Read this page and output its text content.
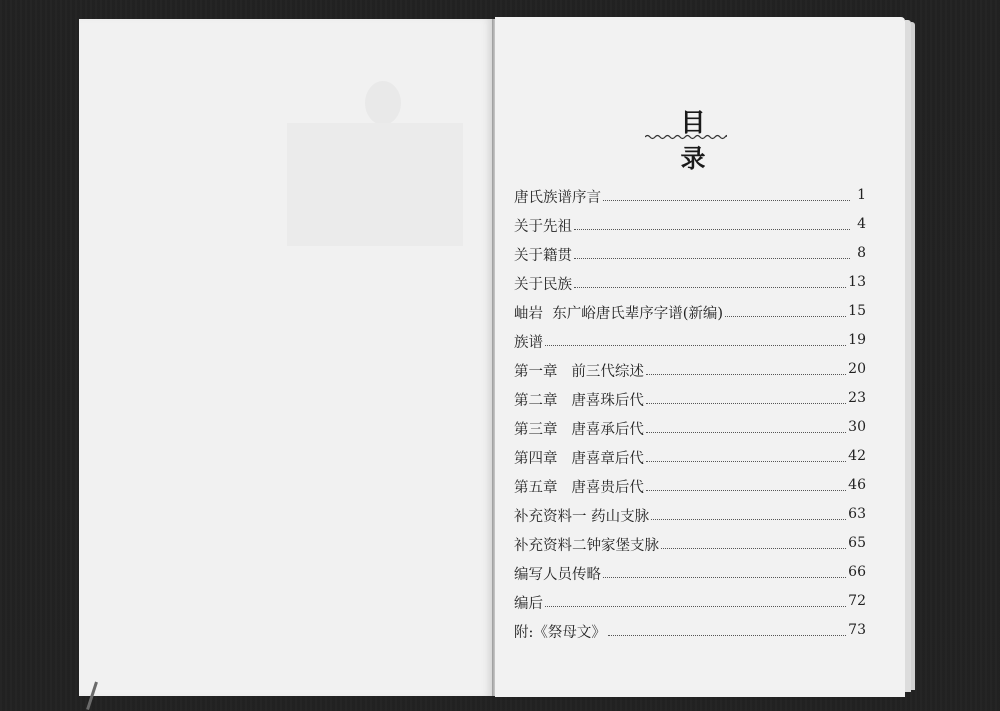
目　录
唐氏族谱序言	1
关于先祖	4
关于籍贯	8
关于民族	13
岫岩  东广峪唐氏辈序字谱(新编)	15
族谱	19
第一章   前三代综述	20
第二章   唐喜珠后代	23
第三章   唐喜承后代	30
第四章   唐喜章后代	42
第五章   唐喜贵后代	46
补充资料一 药山支脉	63
补充资料二钟家堡支脉	65
编写人员传略	66
编后	72
附:《祭母文》	73
